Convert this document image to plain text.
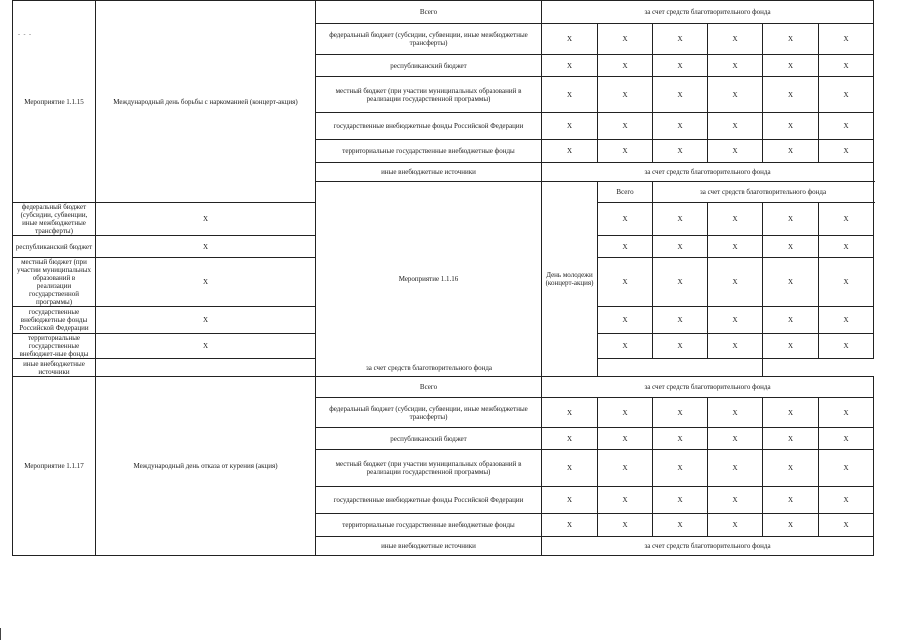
- - -
Мероприятие 1.1.15	Международный день борьбы с наркоманией (концерт-акция)	Всего	за счет средств благотворительного фонда					
		федеральный бюджет (субсидии, субвенции, иные межбюджетные трансферты)	X	X	X	X	X	X
		республиканский бюджет	X	X	X	X	X	X
		местный бюджет (при участии муниципальных образований в реализации государственной программы)	X	X	X	X	X	X
		государственные внебюджетные фонды Российской Федерации	X	X	X	X	X	X
		территориальные государственные внебюджетные фонды	X	X	X	X	X	X
		иные внебюджетные источники	за счет средств благотворительного фонда					
		Мероприятие 1.1.16	День молодежи (концерт-акция)	Всего	за счет средств благотворительного фонда			
федеральный бюджет (субсидии, субвенции, иные межбюджетные трансферты)	X			X	X	X	X	X
республиканский бюджет	X			X	X	X	X	X
местный бюджет (при участии муниципальных образований в реализации государственной программы)	X			X	X	X	X	X
государственные внебюджетные фонды Российской Федерации	X			X	X	X	X	X
территориальные государственные внебюджет-ные фонды	X			X	X	X	X	X
иные внебюджетные источники	за счет средств благотворительного фонда							
Мероприятие 1.1.17	Международный день отказа от курения (акция)	Всего	за счет средств благотворительного фонда					
		федеральный бюджет (субсидии, субвенции, иные межбюджетные трансферты)	X	X	X	X	X	X
		республиканский бюджет	X	X	X	X	X	X
		местный бюджет (при участии муниципальных образований в реализации государственной программы)	X	X	X	X	X	X
		государственные внебюджетные фонды Российской Федерации	X	X	X	X	X	X
		территориальные государственные внебюджетные фонды	X	X	X	X	X	X
		иные внебюджетные источники	за счет средств благотворительного фонда					
